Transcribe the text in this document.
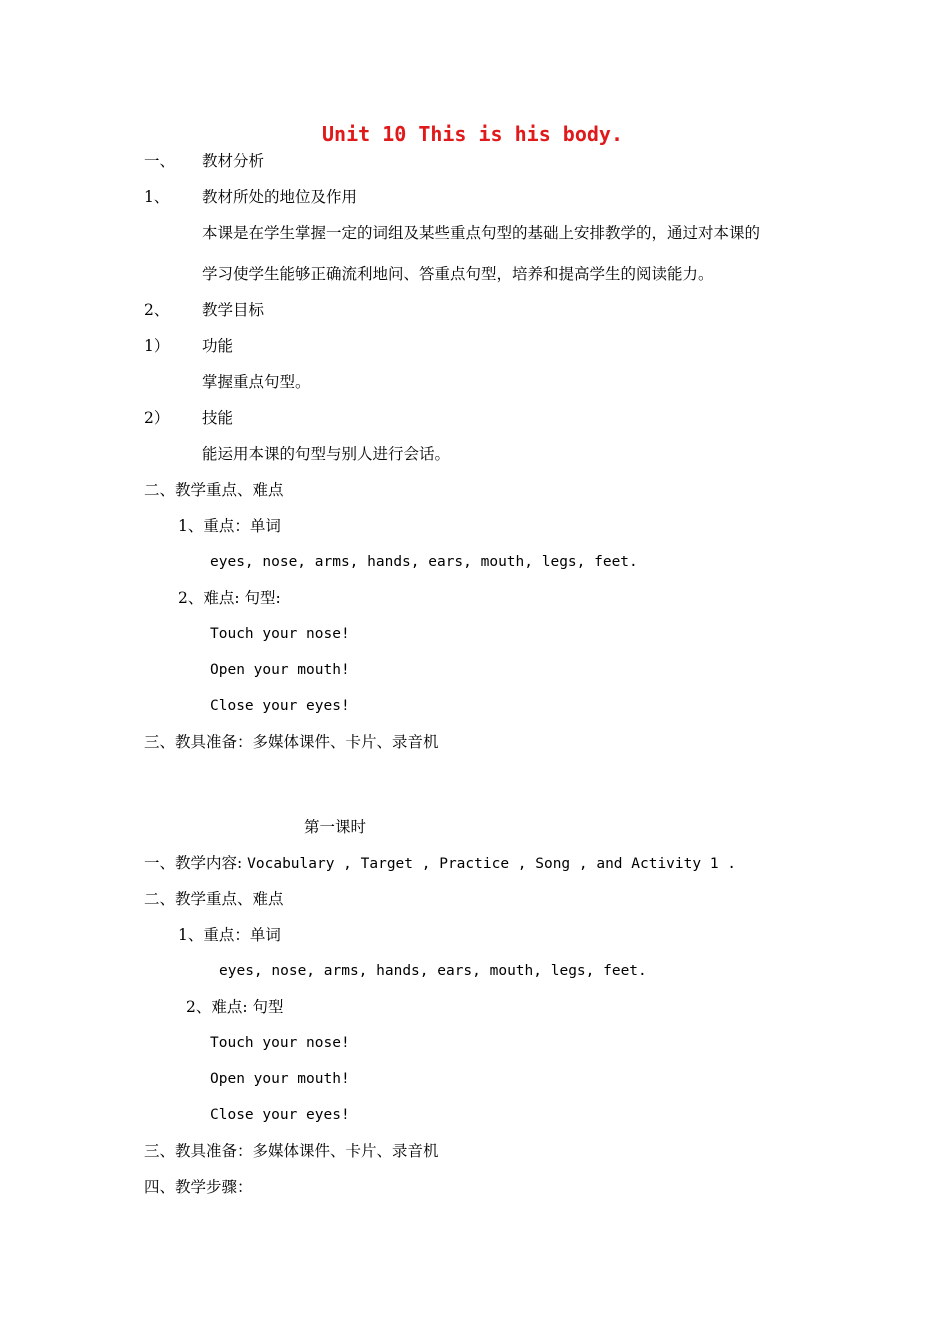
Unit 10 This is his body.
一、 教材分析
1、 教材所处的地位及作用
本课是在学生掌握一定的词组及某些重点句型的基础上安排教学的，通过对本课的
学习使学生能够正确流利地问、答重点句型，培养和提高学生的阅读能力。
2、 教学目标
1） 功能
掌握重点句型。
2） 技能
能运用本课的句型与别人进行会话。
二、教学重点、难点
1、重点：单词
eyes, nose, arms, hands, ears, mouth, legs, feet.
2、难点: 句型:
Touch your nose!
Open your mouth!
Close your eyes!
三、教具准备：多媒体课件、卡片、录音机
第一课时
一、教学内容: Vocabulary , Target , Practice , Song , and Activity 1 .
二、教学重点、难点
1、重点：单词
eyes, nose, arms, hands, ears, mouth, legs, feet.
2、难点: 句型
Touch your nose!
Open your mouth!
Close your eyes!
三、教具准备：多媒体课件、卡片、录音机
四、教学步骤：
